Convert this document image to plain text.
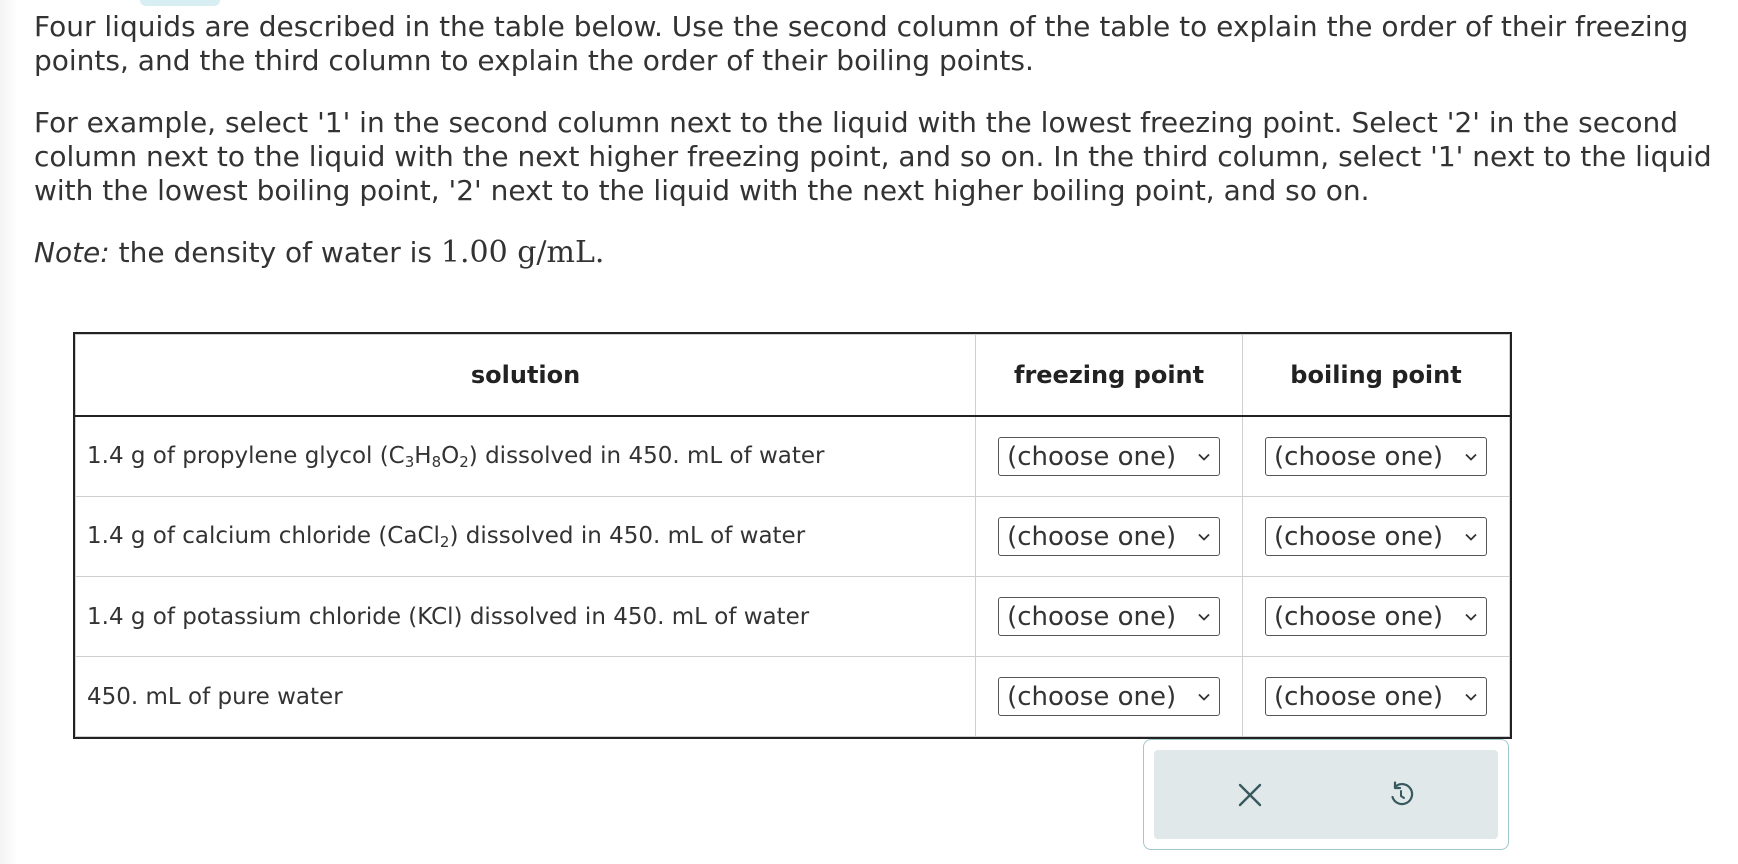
Four liquids are described in the table below. Use the second column of the table to explain the order of their freezing points, and the third column to explain the order of their boiling points.

For example, select '1' in the second column next to the liquid with the lowest freezing point. Select '2' in the second column next to the liquid with the next higher freezing point, and so on. In the third column, select '1' next to the liquid with the lowest boiling point, '2' next to the liquid with the next higher boiling point, and so on.

Note: the density of water is 1.00 g/mL.

solution	freezing point	boiling point
1.4 g of propylene glycol $(C_3H_8O_2)$ dissolved in 450. mL of water	(choose one)	(choose one)

1.4 g of calcium chloride (CaCl$_2$) dissolved in 450. mL of water	(choose one)	(choose one)

1.4 g of potassium chloride (KCl) dissolved in 450. mL of water	(choose one)	(choose one)

450. mL of pure water	(choose one)	(choose one)
